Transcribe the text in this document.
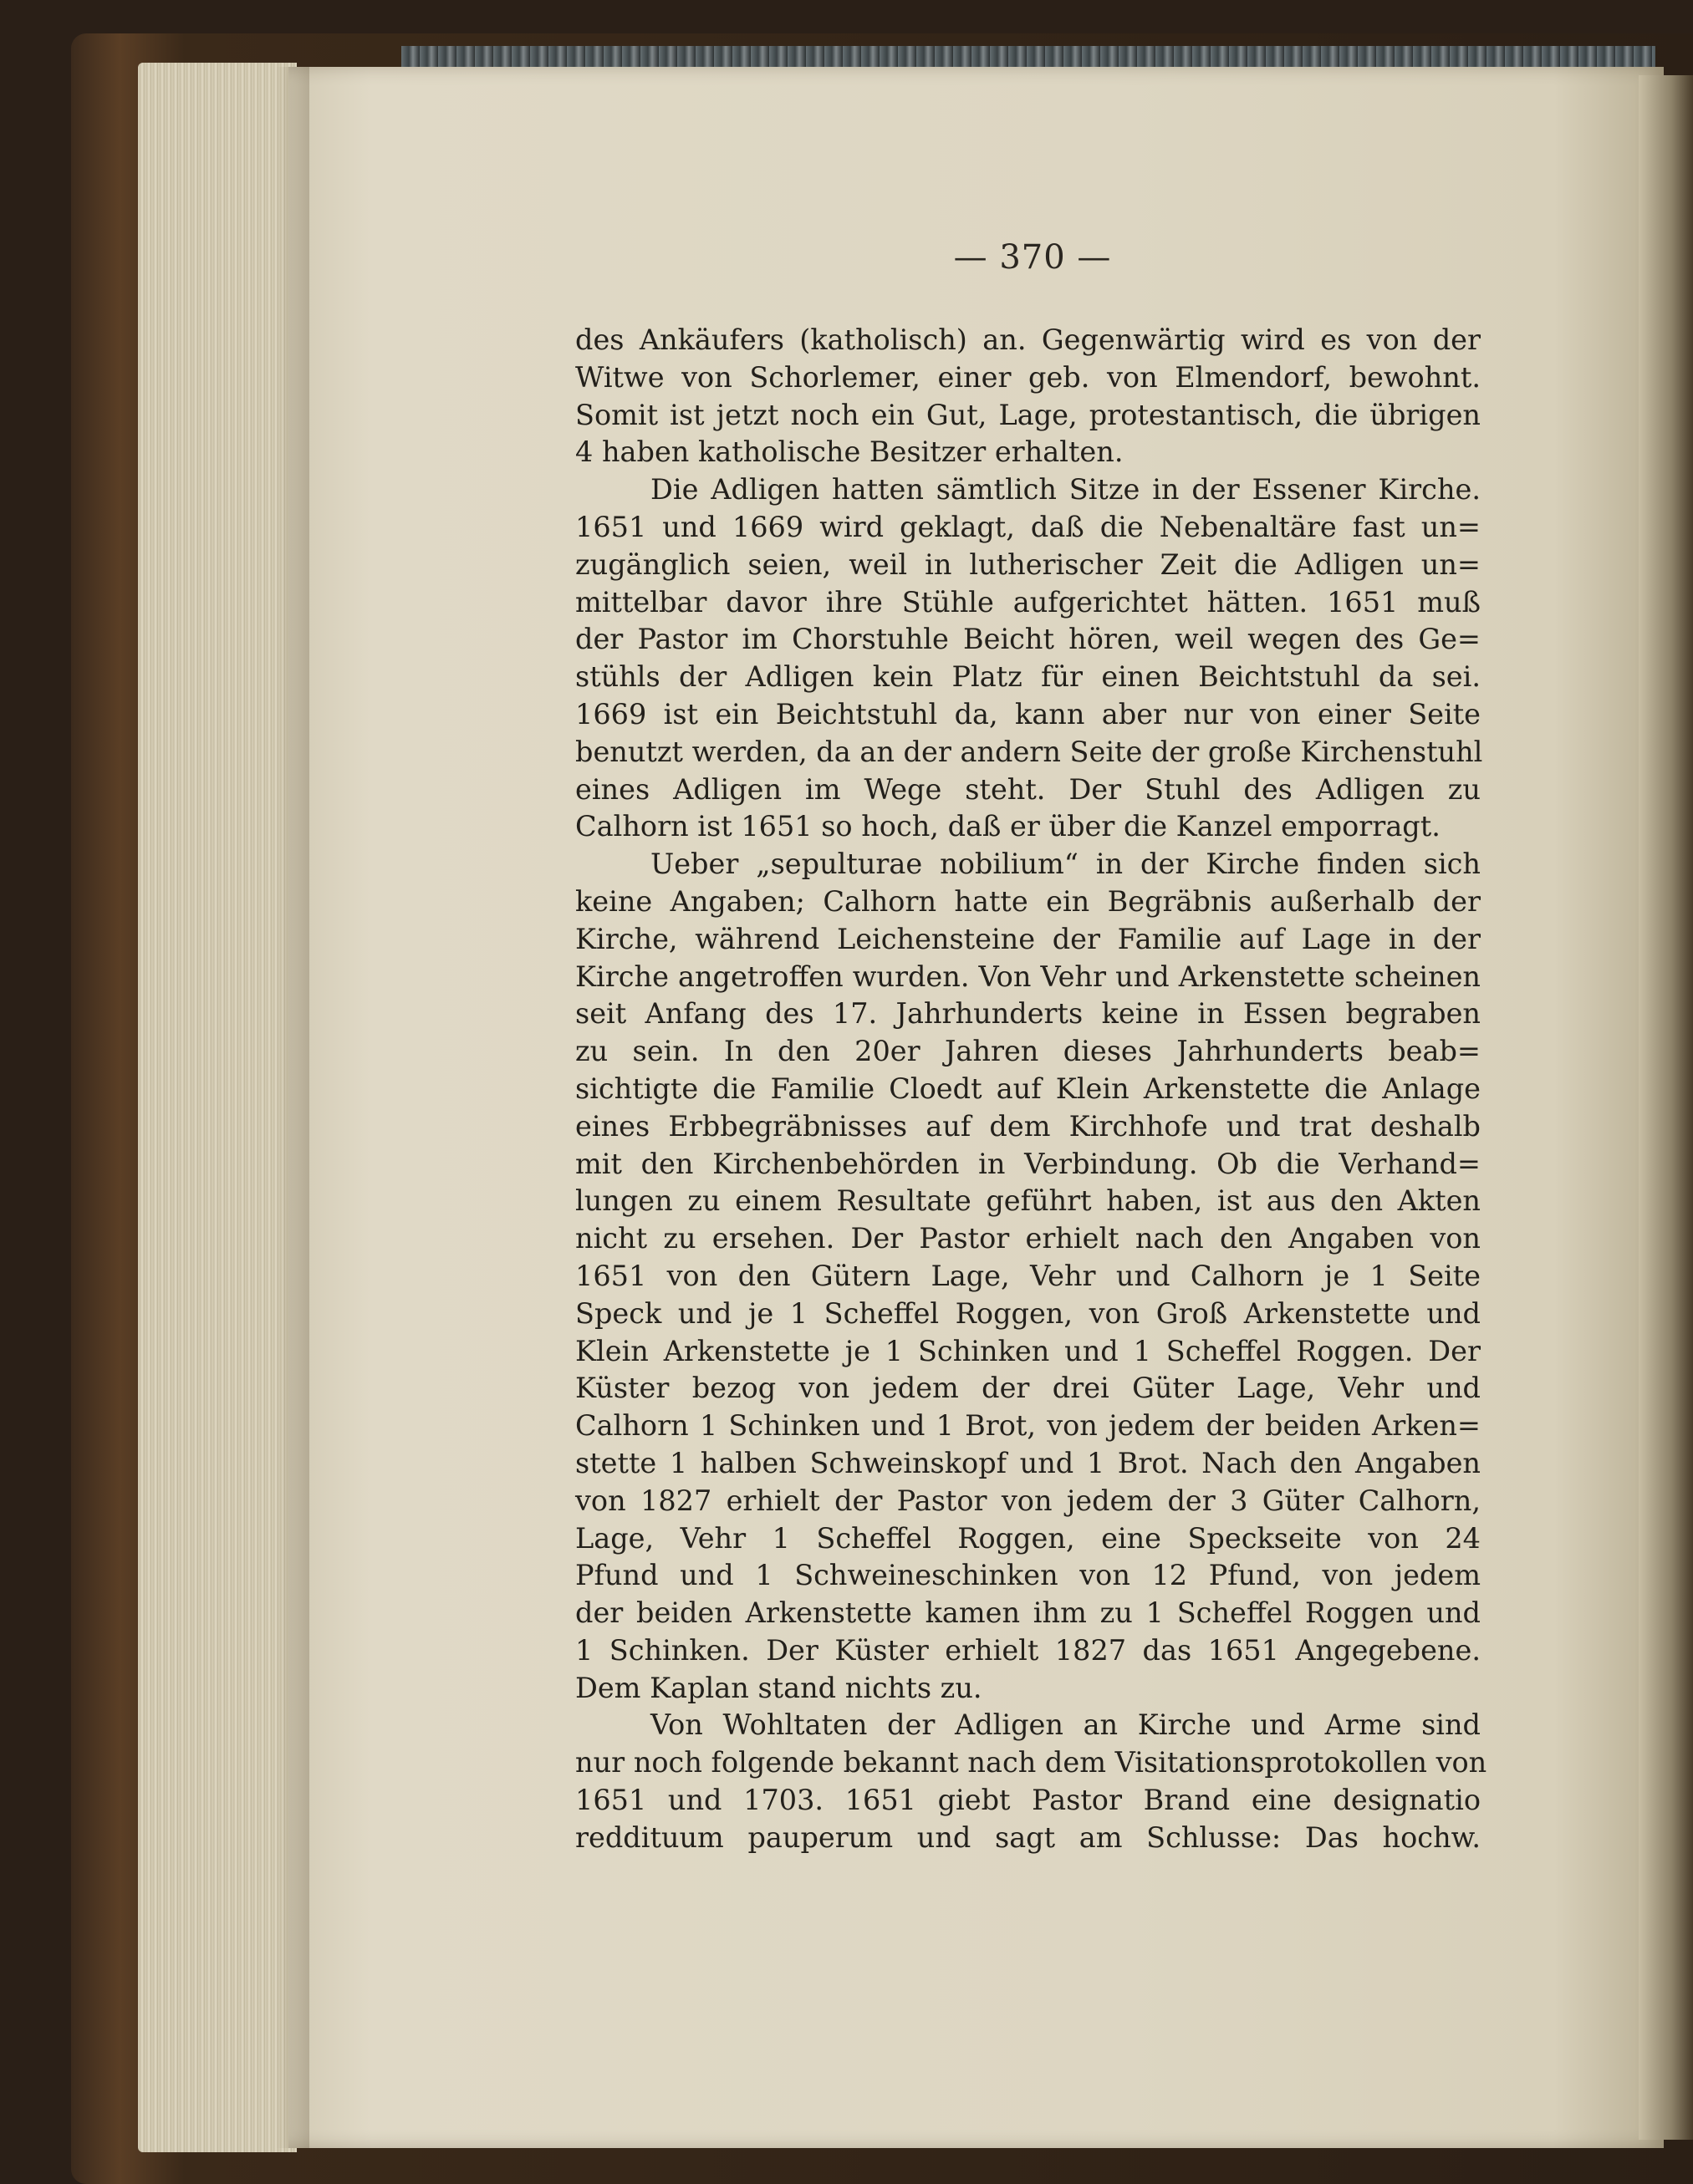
— 370 —
des Ankäufers (katholisch) an. Gegenwärtig wird es von der
Witwe von Schorlemer, einer geb. von Elmendorf, bewohnt.
Somit ist jetzt noch ein Gut, Lage, protestantisch, die übrigen
4 haben katholische Besitzer erhalten.
Die Adligen hatten sämtlich Sitze in der Essener Kirche.
1651 und 1669 wird geklagt, daß die Nebenaltäre fast un=
zugänglich seien, weil in lutherischer Zeit die Adligen un=
mittelbar davor ihre Stühle aufgerichtet hätten. 1651 muß
der Pastor im Chorstuhle Beicht hören, weil wegen des Ge=
stühls der Adligen kein Platz für einen Beichtstuhl da sei.
1669 ist ein Beichtstuhl da, kann aber nur von einer Seite
benutzt werden, da an der andern Seite der große Kirchenstuhl
eines Adligen im Wege steht. Der Stuhl des Adligen zu
Calhorn ist 1651 so hoch, daß er über die Kanzel emporragt.
Ueber „sepulturae nobilium“ in der Kirche finden sich
keine Angaben; Calhorn hatte ein Begräbnis außerhalb der
Kirche, während Leichensteine der Familie auf Lage in der
Kirche angetroffen wurden. Von Vehr und Arkenstette scheinen
seit Anfang des 17. Jahrhunderts keine in Essen begraben
zu sein. In den 20er Jahren dieses Jahrhunderts beab=
sichtigte die Familie Cloedt auf Klein Arkenstette die Anlage
eines Erbbegräbnisses auf dem Kirchhofe und trat deshalb
mit den Kirchenbehörden in Verbindung. Ob die Verhand=
lungen zu einem Resultate geführt haben, ist aus den Akten
nicht zu ersehen. Der Pastor erhielt nach den Angaben von
1651 von den Gütern Lage, Vehr und Calhorn je 1 Seite
Speck und je 1 Scheffel Roggen, von Groß Arkenstette und
Klein Arkenstette je 1 Schinken und 1 Scheffel Roggen. Der
Küster bezog von jedem der drei Güter Lage, Vehr und
Calhorn 1 Schinken und 1 Brot, von jedem der beiden Arken=
stette 1 halben Schweinskopf und 1 Brot. Nach den Angaben
von 1827 erhielt der Pastor von jedem der 3 Güter Calhorn,
Lage, Vehr 1 Scheffel Roggen, eine Speckseite von 24
Pfund und 1 Schweineschinken von 12 Pfund, von jedem
der beiden Arkenstette kamen ihm zu 1 Scheffel Roggen und
1 Schinken. Der Küster erhielt 1827 das 1651 Angegebene.
Dem Kaplan stand nichts zu.
Von Wohltaten der Adligen an Kirche und Arme sind
nur noch folgende bekannt nach dem Visitationsprotokollen von
1651 und 1703. 1651 giebt Pastor Brand eine designatio
reddituum pauperum und sagt am Schlusse: Das hochw.
